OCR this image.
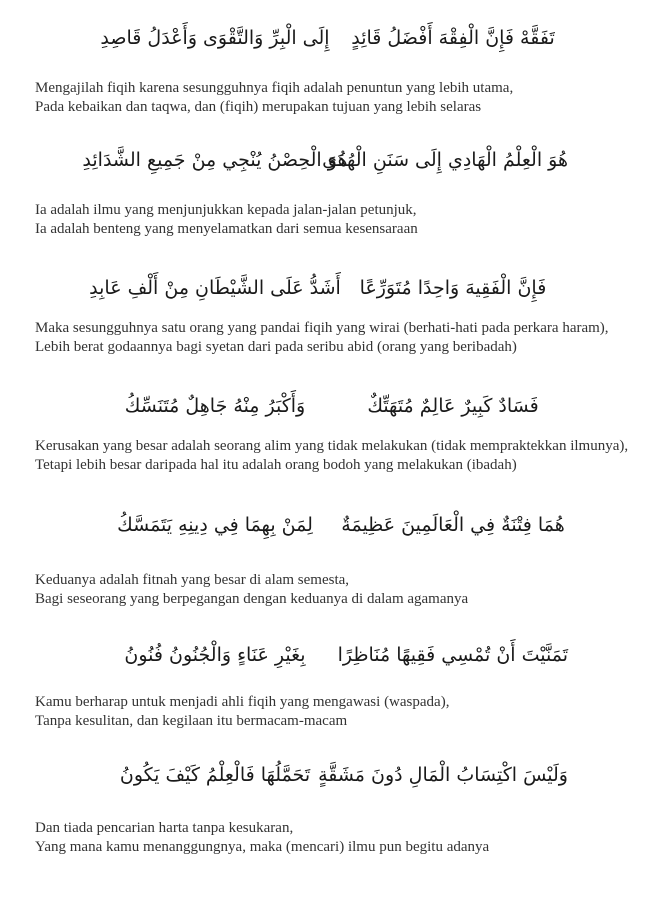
تَفَقَّهْ فَإِنَّ الْفِقْهَ أَفْضَلُ قَائِدٍ
إِلَى الْبِرِّ وَالتَّقْوَى وَأَعْدَلُ قَاصِدِ
Mengajilah fiqih karena sesungguhnya fiqih adalah penuntun yang lebih utama,
Pada kebaikan dan taqwa, dan (fiqih) merupakan tujuan yang lebih selaras
هُوَ الْعِلْمُ الْهَادِي إِلَى سَنَنِ الْهُدَى
هُوَ الْحِصْنُ يُنْجِي مِنْ جَمِيعِ الشَّدَائِدِ
Ia adalah ilmu yang menjunjukkan kepada jalan-jalan petunjuk,
Ia adalah benteng yang menyelamatkan dari semua kesensaraan
فَإِنَّ الْفَقِيهَ وَاحِدًا مُتَوَرِّعًا
أَشَدُّ عَلَى الشَّيْطَانِ مِنْ أَلْفِ عَابِدِ
Maka sesungguhnya satu orang yang pandai fiqih yang wirai (berhati-hati pada perkara haram),
Lebih berat godaannya bagi syetan dari pada seribu abid (orang yang beribadah)
فَسَادٌ كَبِيرٌ عَالِمٌ مُتَهَتِّكٌ
وَأَكْبَرُ مِنْهُ جَاهِلٌ مُتَنَسِّكُ
Kerusakan yang besar adalah seorang alim yang tidak melakukan (tidak mempraktekkan ilmunya),
Tetapi lebih besar daripada hal itu adalah orang bodoh yang melakukan (ibadah)
هُمَا فِتْنَةٌ فِي الْعَالَمِينَ عَظِيمَةٌ
لِمَنْ بِهِمَا فِي دِينِهِ يَتَمَسَّكُ
Keduanya adalah fitnah yang besar di alam semesta,
Bagi seseorang yang berpegangan dengan keduanya di dalam agamanya
تَمَنَّيْتَ أَنْ تُمْسِي فَقِيهًا مُنَاظِرًا
بِغَيْرِ عَنَاءٍ وَالْجُنُونُ فُنُونُ
Kamu berharap untuk menjadi ahli fiqih yang mengawasi (waspada),
Tanpa kesulitan, dan kegilaan itu bermacam-macam
وَلَيْسَ اكْتِسَابُ الْمَالِ دُونَ مَشَقَّةٍ
تَحَمَّلُهَا فَالْعِلْمُ كَيْفَ يَكُونُ
Dan tiada pencarian harta tanpa kesukaran,
Yang mana kamu menanggungnya, maka (mencari) ilmu pun begitu adanya
